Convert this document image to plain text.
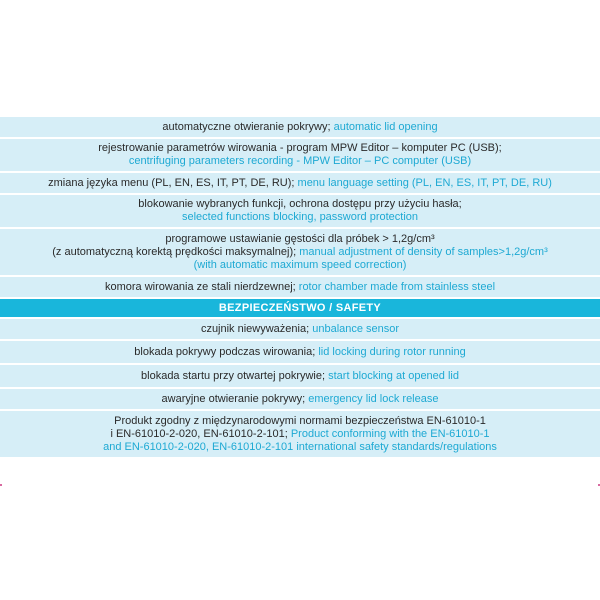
automatyczne otwieranie pokrywy; automatic lid opening
rejestrowanie parametrów wirowania - program MPW Editor – komputer PC (USB);
centrifuging parameters recording - MPW Editor – PC computer (USB)
zmiana języka menu (PL, EN, ES, IT, PT, DE, RU); menu language setting (PL, EN, ES, IT, PT, DE, RU)
blokowanie wybranych funkcji, ochrona dostępu przy użyciu hasła;
selected functions blocking, password protection
programowe ustawianie gęstości dla próbek > 1,2g/cm³
(z automatyczną korektą prędkości maksymalnej); manual adjustment of density of samples>1,2g/cm³
(with automatic maximum speed correction)
komora wirowania ze stali nierdzewnej; rotor chamber made from stainless steel
BEZPIECZEŃSTWO / SAFETY
czujnik niewyważenia; unbalance sensor
blokada pokrywy podczas wirowania; lid locking during rotor running
blokada startu przy otwartej pokrywie; start blocking at opened lid
awaryjne otwieranie pokrywy; emergency lid lock release
Produkt zgodny z międzynarodowymi normami bezpieczeństwa EN-61010-1
i EN-61010-2-020, EN-61010-2-101; Product conforming with the EN-61010-1
and EN-61010-2-020, EN-61010-2-101 international safety standards/regulations
